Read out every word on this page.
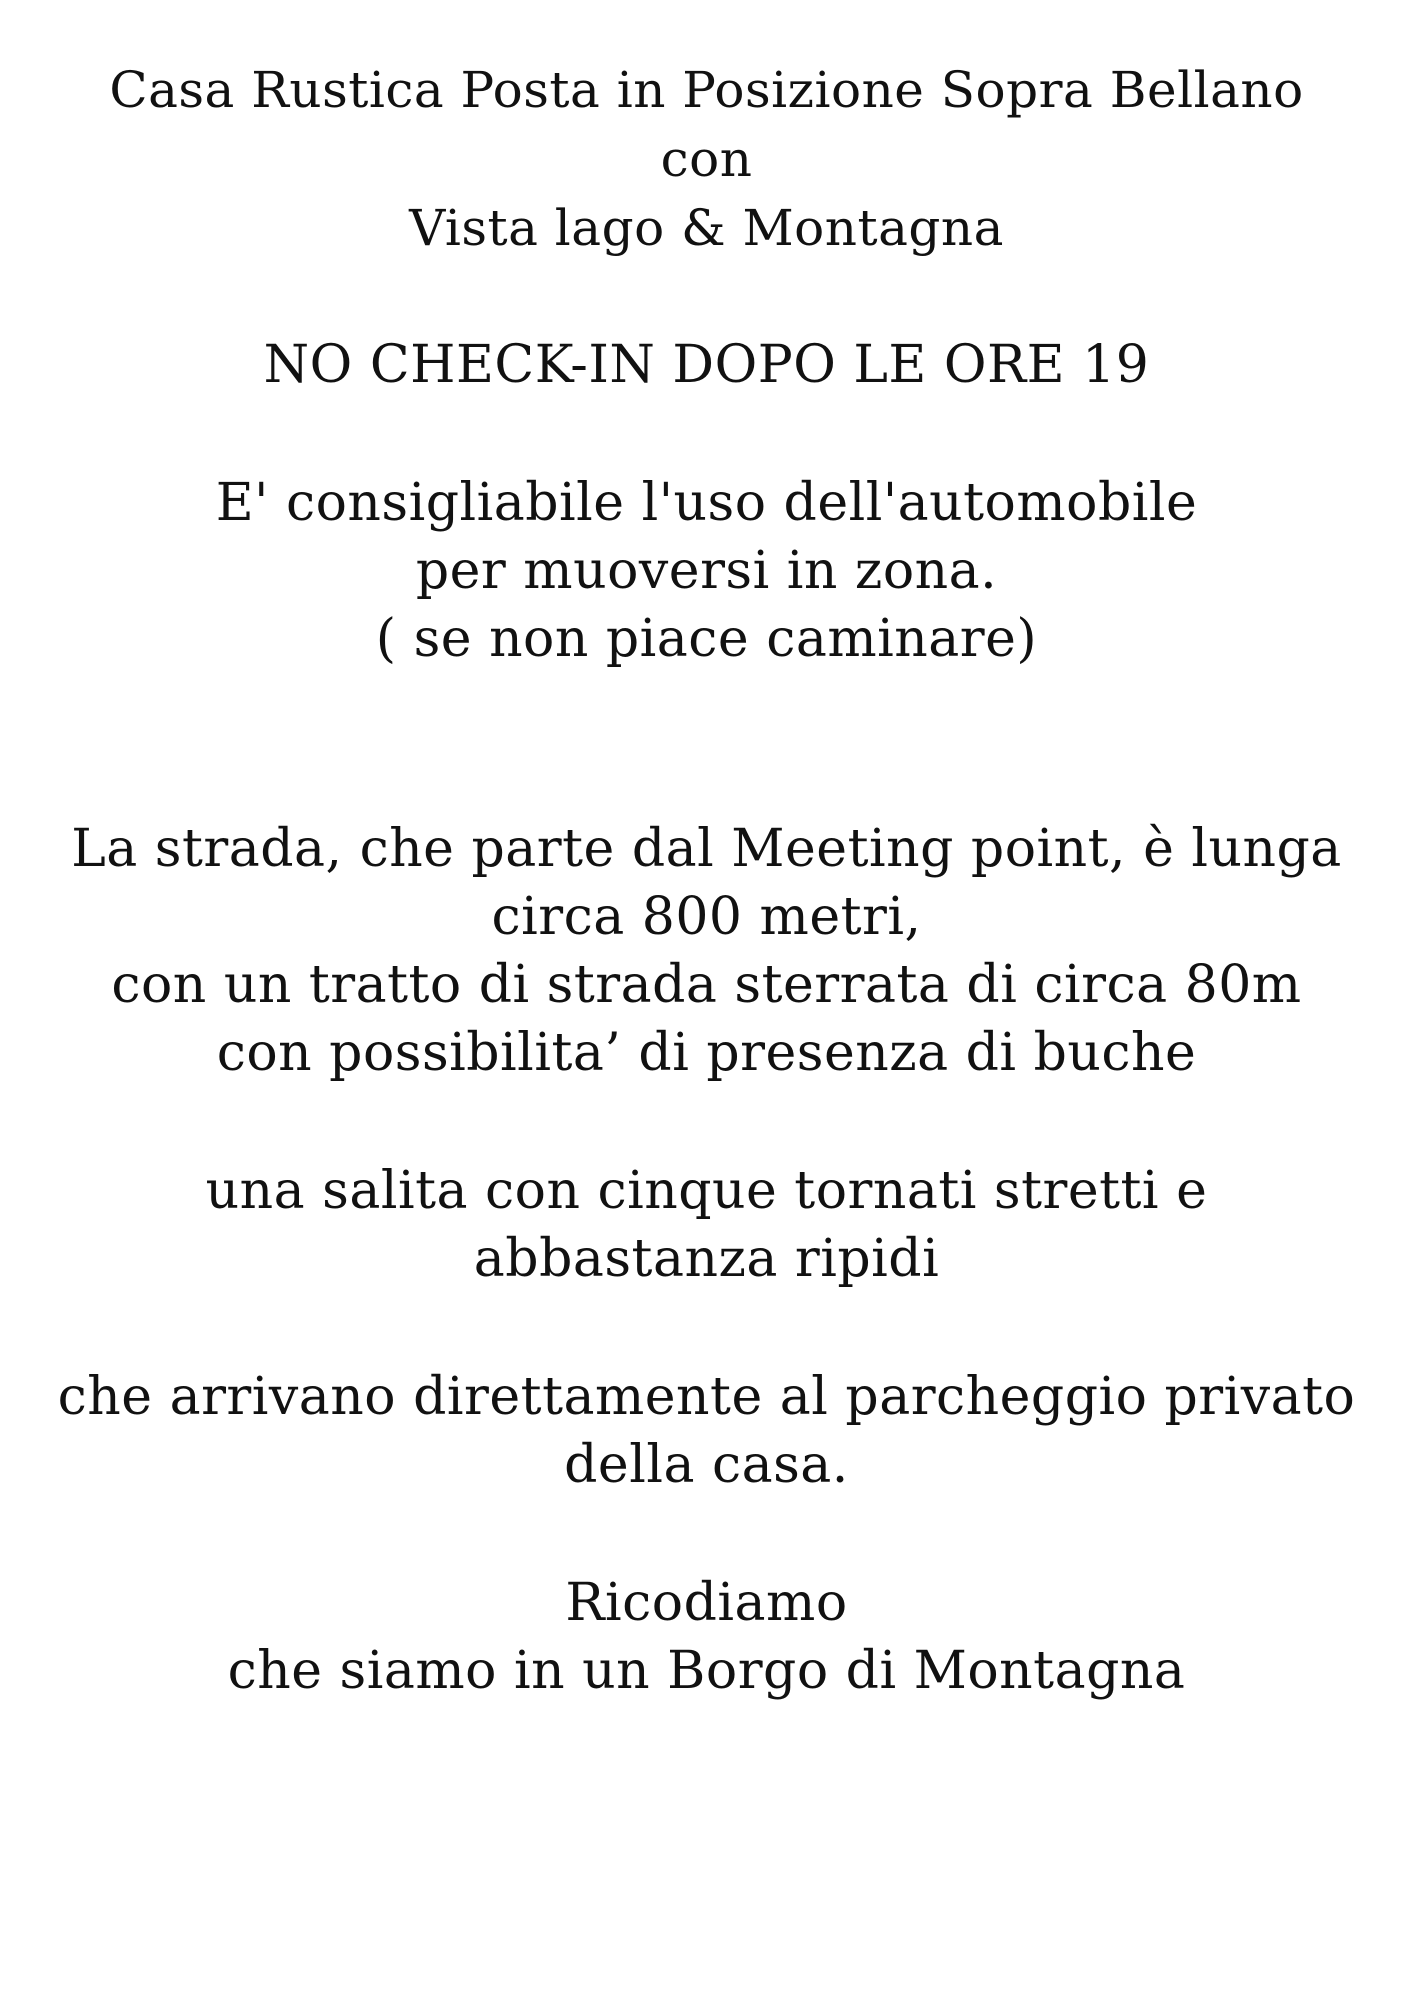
Casa Rustica Posta in Posizione Sopra Bellano
con
Vista lago & Montagna
NO CHECK-IN DOPO LE ORE 19
E' consigliabile l'uso dell'automobile
per muoversi in zona.
( se non piace caminare)
La strada, che parte dal Meeting point, è lunga
circa 800 metri,
con un tratto di strada sterrata di circa 80m
con possibilita’ di presenza di buche
una salita con cinque tornati stretti e
abbastanza ripidi
che arrivano direttamente al parcheggio privato
della casa.
Ricodiamo
che siamo in un Borgo di Montagna
